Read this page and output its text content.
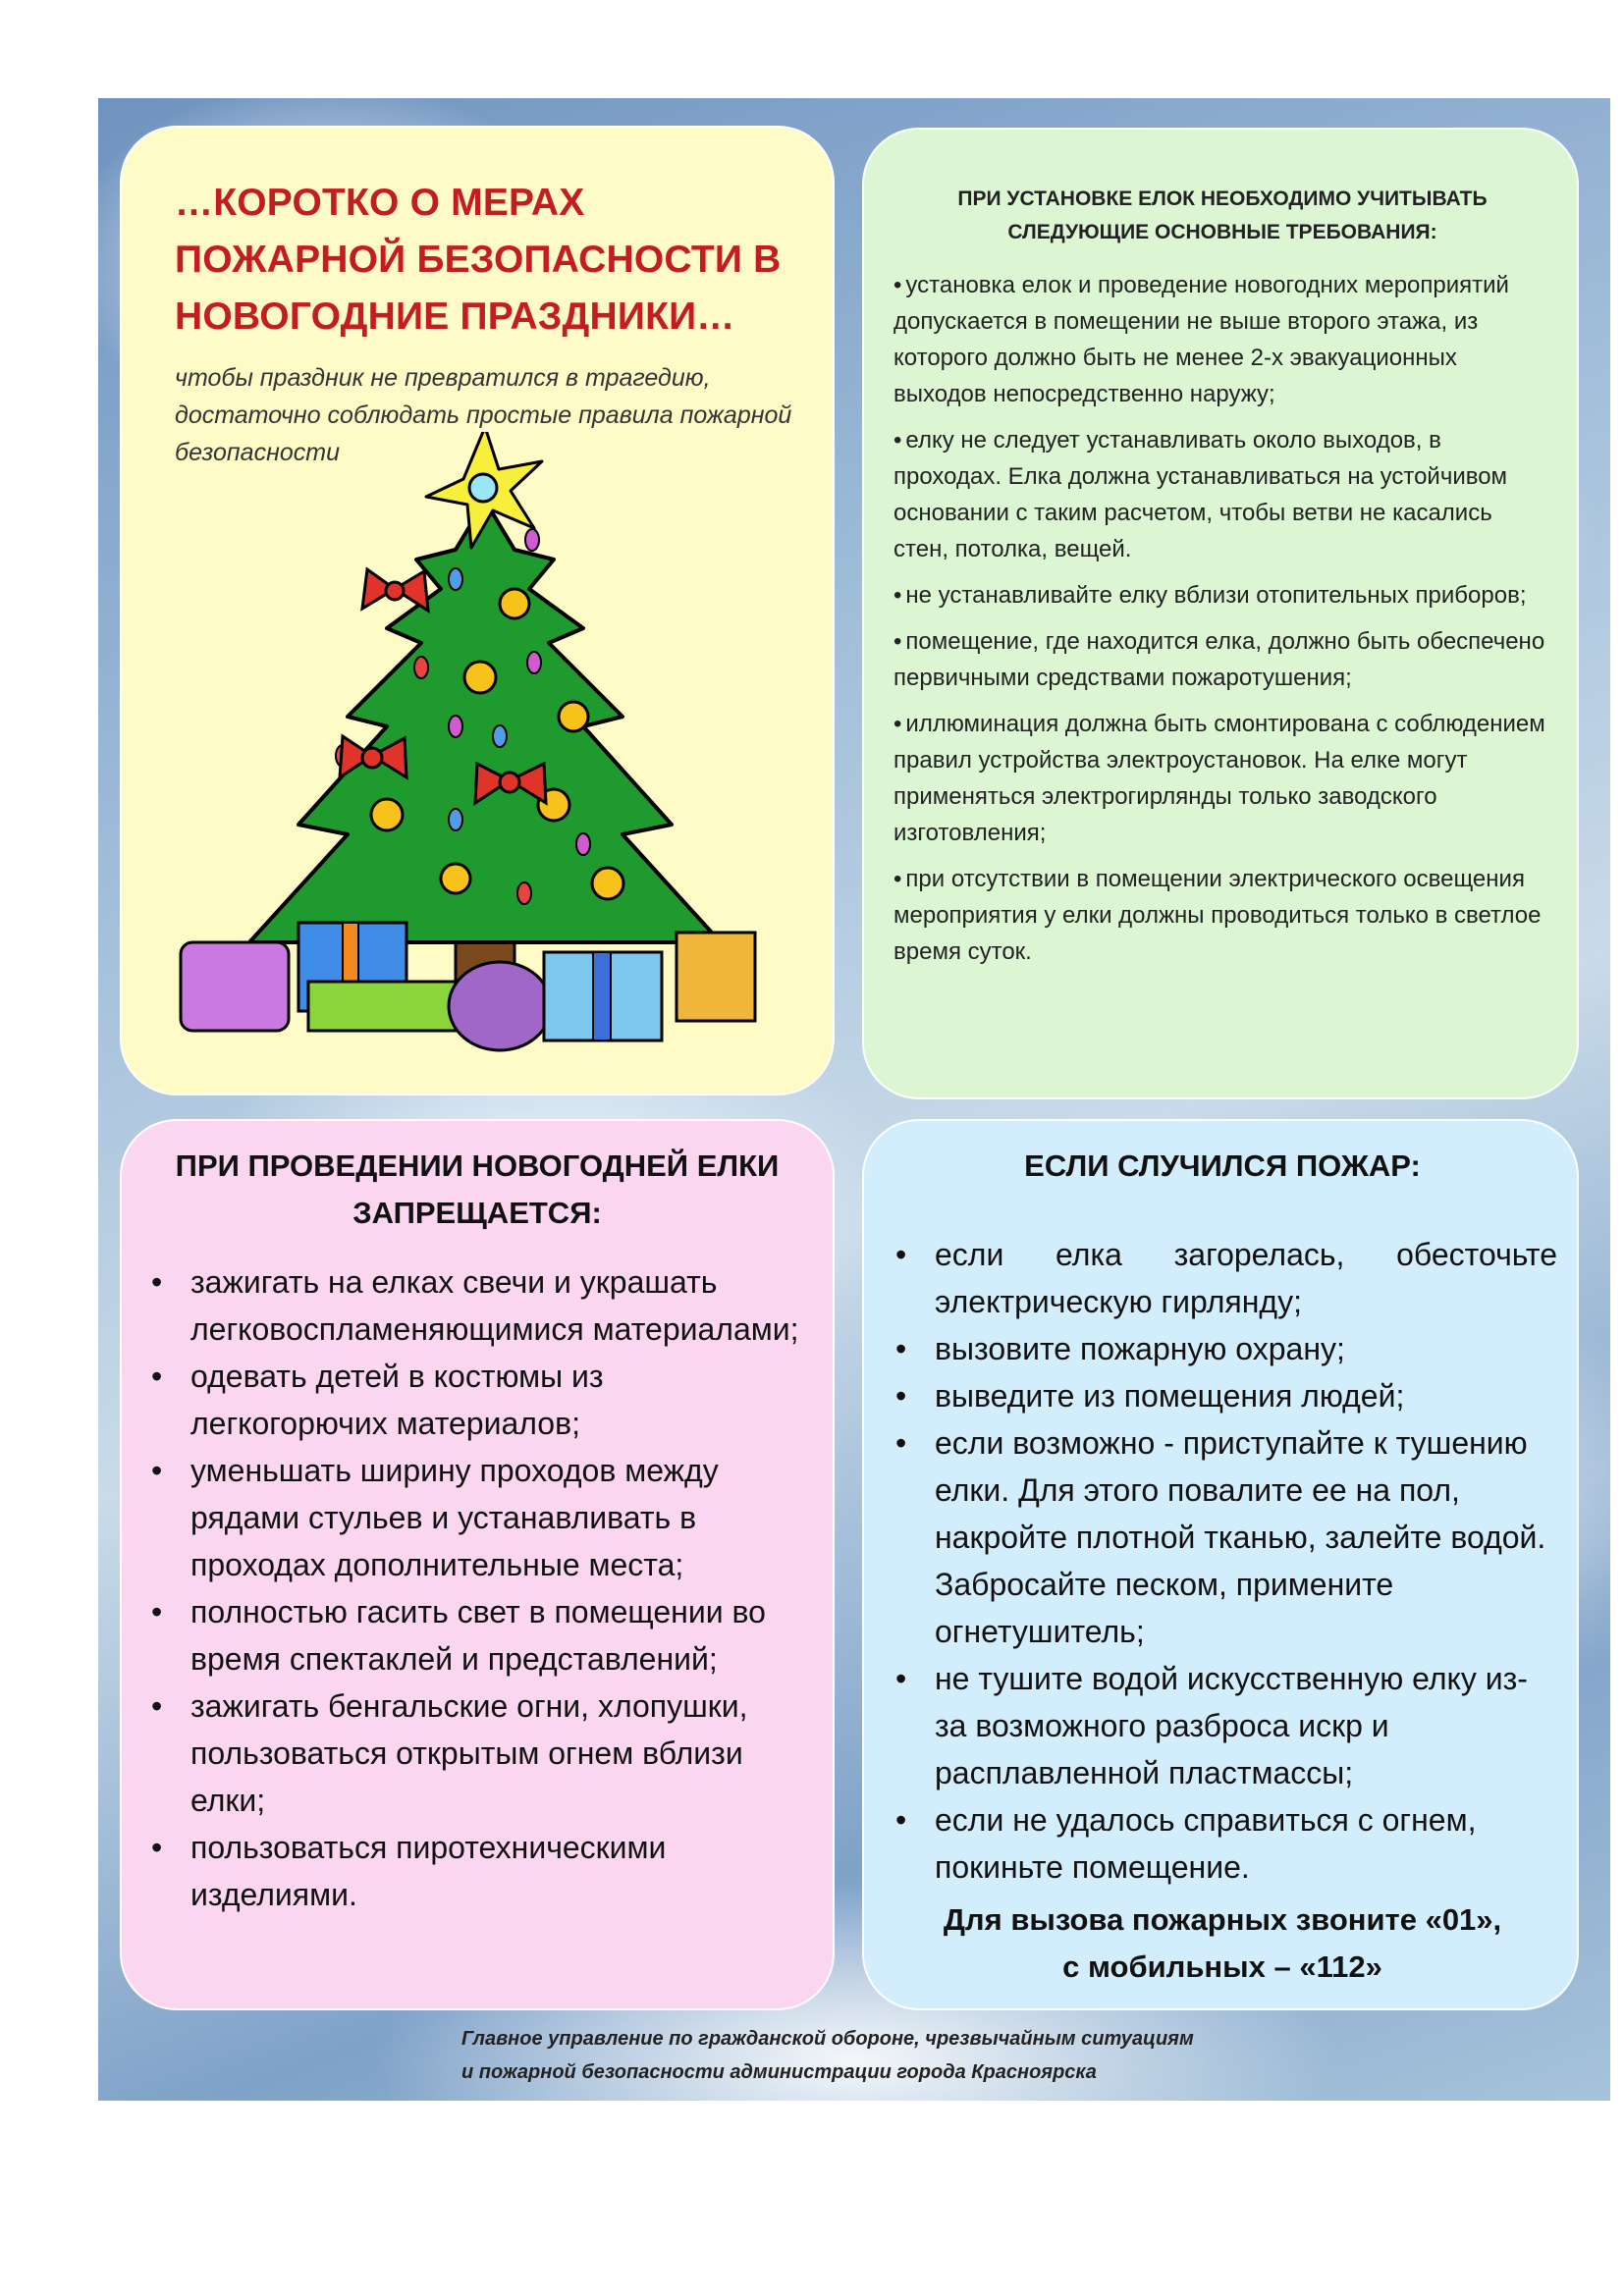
…КОРОТКО О МЕРАХ ПОЖАРНОЙ БЕЗОПАСНОСТИ В НОВОГОДНИЕ ПРАЗДНИКИ…

чтобы праздник не превратился в трагедию, достаточно соблюдать простые правила пожарной безопасности

ПРИ УСТАНОВКЕ ЕЛОК НЕОБХОДИМО УЧИТЫВАТЬ СЛЕДУЮЩИЕ ОСНОВНЫЕ ТРЕБОВАНИЯ:
• установка елок и проведение новогодних мероприятий допускается в помещении не выше второго этажа, из которого должно быть не менее 2-х эвакуационных выходов непосредственно наружу;
• елку не следует устанавливать около выходов, в проходах. Елка должна устанавливаться на устойчивом основании с таким расчетом, чтобы ветви не касались стен, потолка, вещей.
• не устанавливайте елку вблизи отопительных приборов;
• помещение, где находится елка, должно быть обеспечено первичными средствами пожаротушения;
• иллюминация должна быть смонтирована с соблюдением правил устройства электроустановок. На елке могут применяться электрогирлянды только заводского изготовления;
• при отсутствии в помещении электрического освещения мероприятия у елки должны проводиться только в светлое время суток.
ПРИ ПРОВЕДЕНИИ НОВОГОДНЕЙ ЕЛКИ ЗАПРЕЩАЕТСЯ:
• зажигать на елках свечи и украшать легковоспламеняющимися материалами;
• одевать детей в костюмы из легкогорючих материалов;
• уменьшать ширину проходов между рядами стульев и устанавливать в проходах дополнительные места;
• полностью гасить свет в помещении во время спектаклей и представлений;
• зажигать бенгальские огни, хлопушки, пользоваться открытым огнем вблизи елки;
• пользоваться пиротехническими изделиями.
ЕСЛИ СЛУЧИЛСЯ ПОЖАР:
• если елка загорелась, обесточьте электрическую гирлянду;
• вызовите пожарную охрану;
• выведите из помещения людей;
• если возможно - приступайте к тушению елки. Для этого повалите ее на пол, накройте плотной тканью, залейте водой. Забросайте песком, примените огнетушитель;
• не тушите водой искусственную елку из-за возможного разброса искр и расплавленной пластмассы;
• если не удалось справиться с огнем, покиньте помещение.

Для вызова пожарных звоните «01»,
с мобильных – «112»

Главное управление по гражданской обороне, чрезвычайным ситуациям
и пожарной безопасности администрации города Красноярска
